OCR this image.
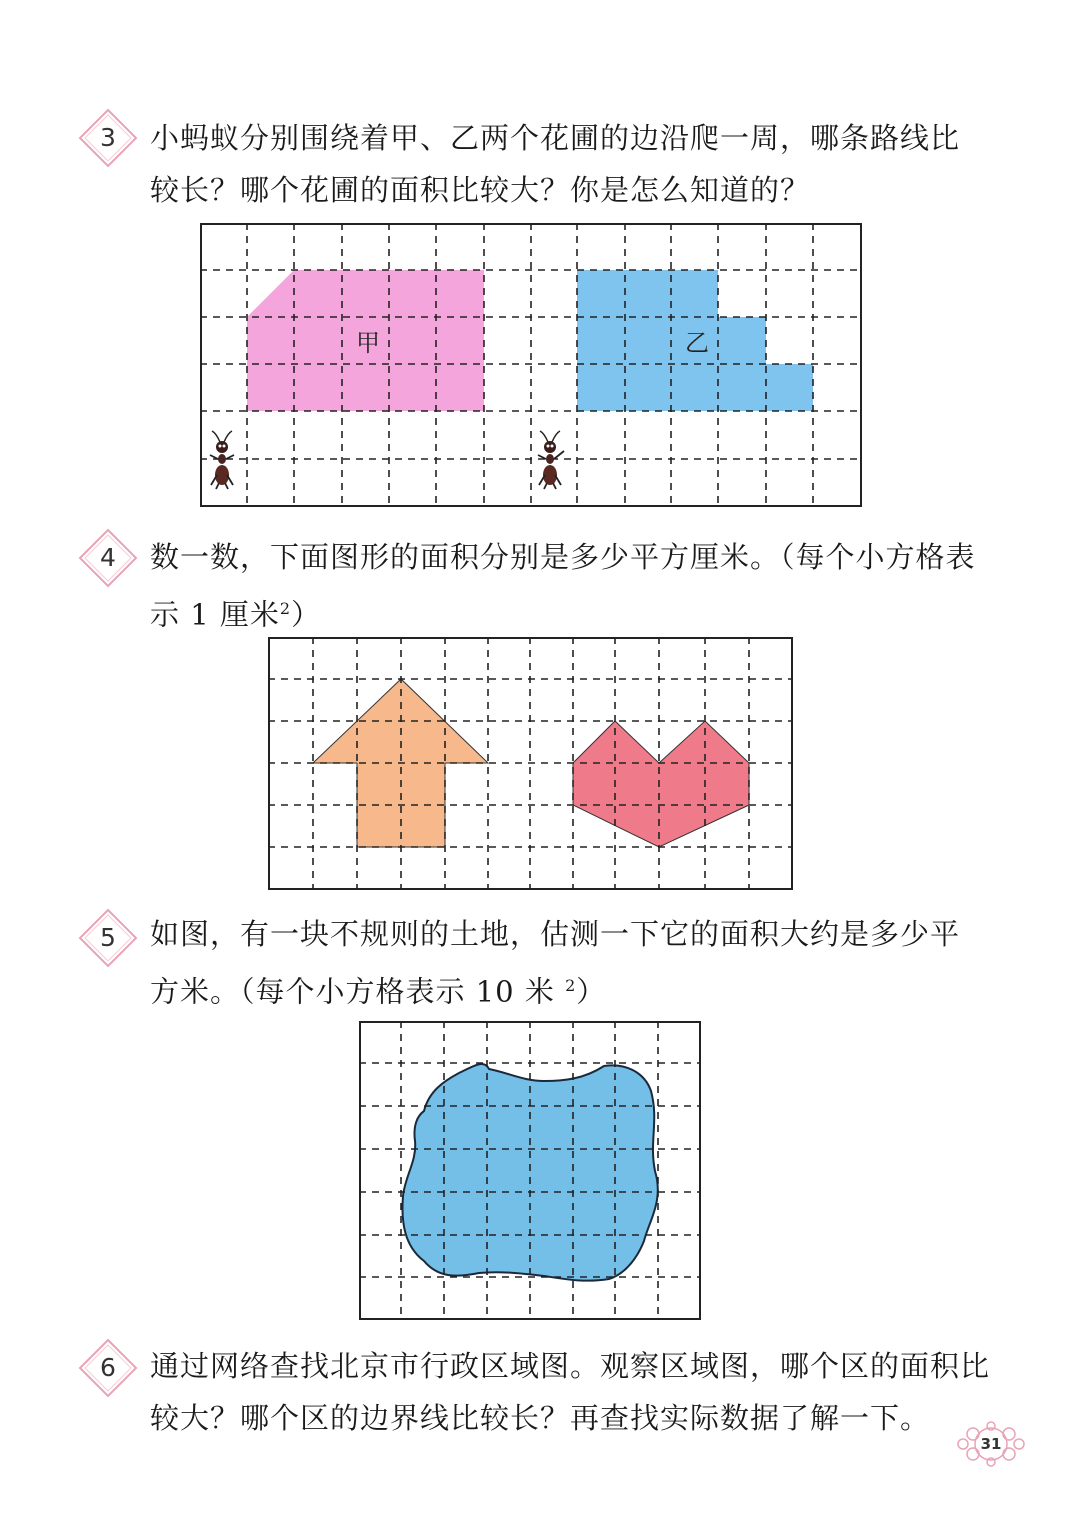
3	小蚂蚁分别围绕着甲、乙两个花圃的边沿爬一周，哪条路线比
较长？哪个花圃的面积比较大？你是怎么知道的？
甲	乙
4	数一数，下面图形的面积分别是多少平方厘米。（每个小方格表
示 1 厘米$^2$）
5	如图，有一块不规则的土地，估测一下它的面积大约是多少平
方米。（每个小方格表示 10 米 $^2$）
6	通过网络查找北京市行政区域图。观察区域图，哪个区的面积比
较大？哪个区的边界线比较长？再查找实际数据了解一下。
31
